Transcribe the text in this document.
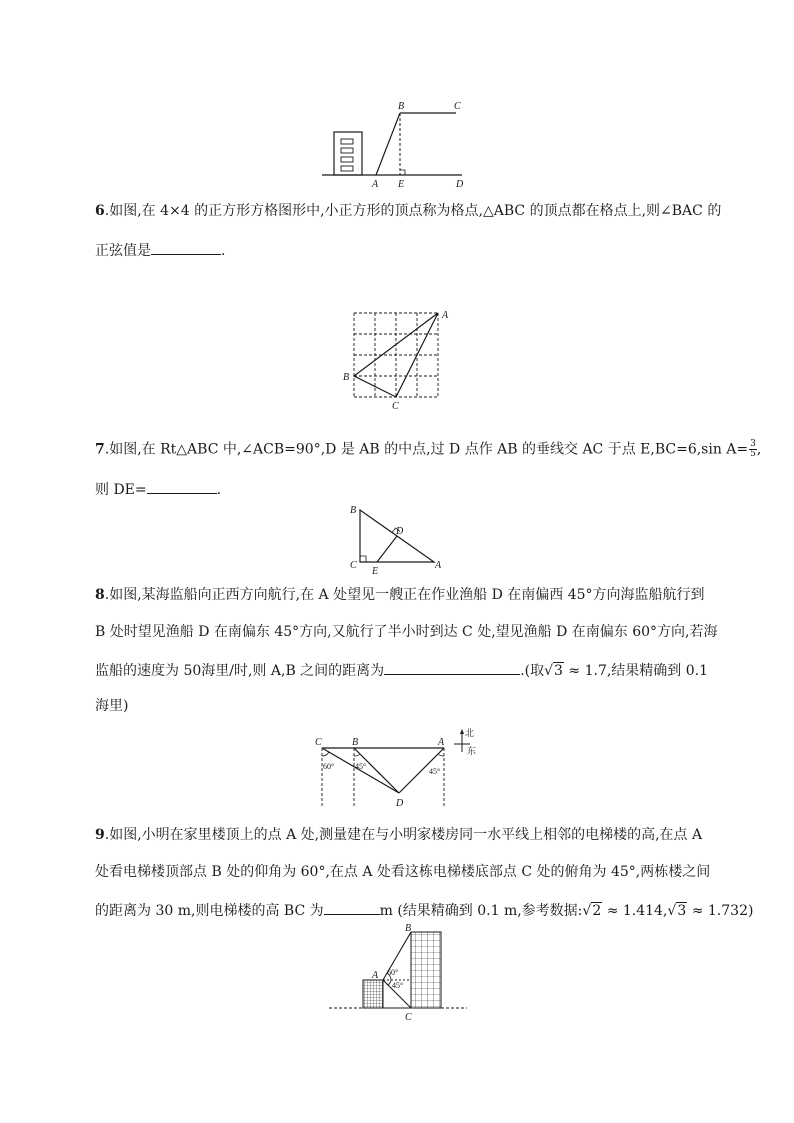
A
B	C
E	D
6.如图,在 4×4 的正方形方格图形中,小正方形的顶点称为格点,△ABC 的顶点都在格点上,则∠BAC 的
正弦值是	.
A
B
C
7.如图,在 Rt△ABC 中,∠ACB=90°,D 是 AB 的中点,过 D 点作 AB 的垂线交 AC 于点 E,BC=6,sin $A= \frac{3}{5}$ ,
则 DE=	.
B
D
C
E
A
8.如图,某海监船向正西方向航行,在 A 处望见一艘正在作业渔船 D 在南偏西 45°方向海监船航行到
B 处时望见渔船 D 在南偏东 45°方向,又航行了半小时到达 C 处,望见渔船 D 在南偏东 60°方向,若海
监船的速度为 50海里/时,则 A,B 之间的距离为	.(取√3 ≈ 1.7,结果精确到 0.1
海里)
北
东
C	B	A
D
60°	45°
45°
9.如图,小明在家里楼顶上的点 A 处,测量建在与小明家楼房同一水平线上相邻的电梯楼的高,在点 A
处看电梯楼顶部点 B 处的仰角为 60°,在点 A 处看这栋电梯楼底部点 C 处的俯角为 45°,两栋楼之间
的距离为 30 m,则电梯楼的高 BC 为	m (结果精确到 0.1 m,参考数据:√2 ≈ 1.414,√3 ≈ 1.732)
B
A
C
60°
45°
